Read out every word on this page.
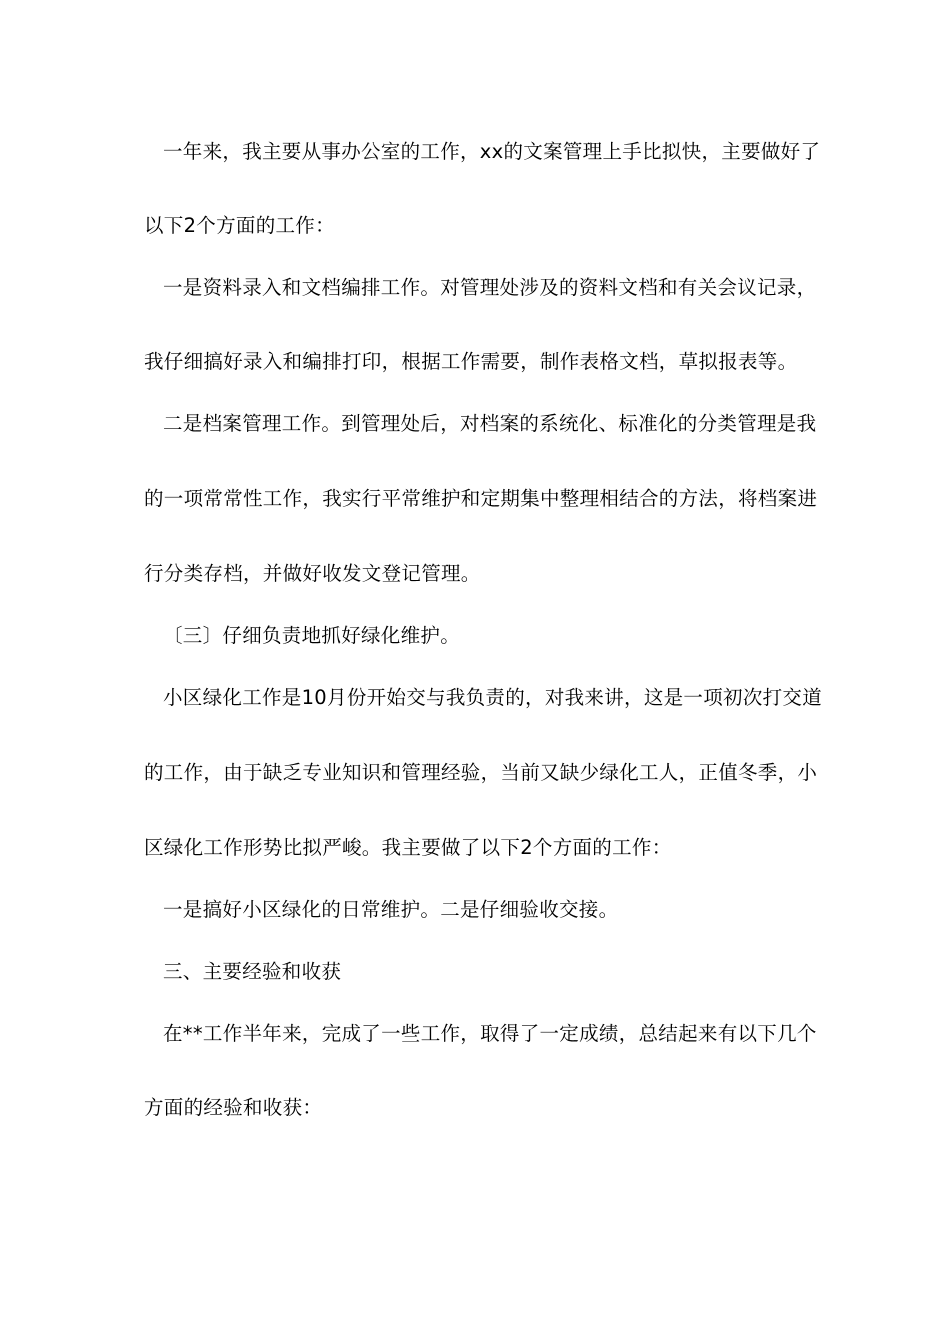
一年来，我主要从事办公室的工作，xx的文案管理上手比拟快，主要做好了
以下2个方面的工作：
一是资料录入和文档编排工作。对管理处涉及的资料文档和有关会议记录，
我仔细搞好录入和编排打印，根据工作需要，制作表格文档，草拟报表等。
二是档案管理工作。到管理处后，对档案的系统化、标准化的分类管理是我
的一项常常性工作，我实行平常维护和定期集中整理相结合的方法，将档案进
行分类存档，并做好收发文登记管理。
〔三〕仔细负责地抓好绿化维护。
小区绿化工作是10月份开始交与我负责的，对我来讲，这是一项初次打交道
的工作，由于缺乏专业知识和管理经验，当前又缺少绿化工人，正值冬季，小
区绿化工作形势比拟严峻。我主要做了以下2个方面的工作：
一是搞好小区绿化的日常维护。二是仔细验收交接。
三、主要经验和收获
在**工作半年来，完成了一些工作，取得了一定成绩，总结起来有以下几个
方面的经验和收获：
